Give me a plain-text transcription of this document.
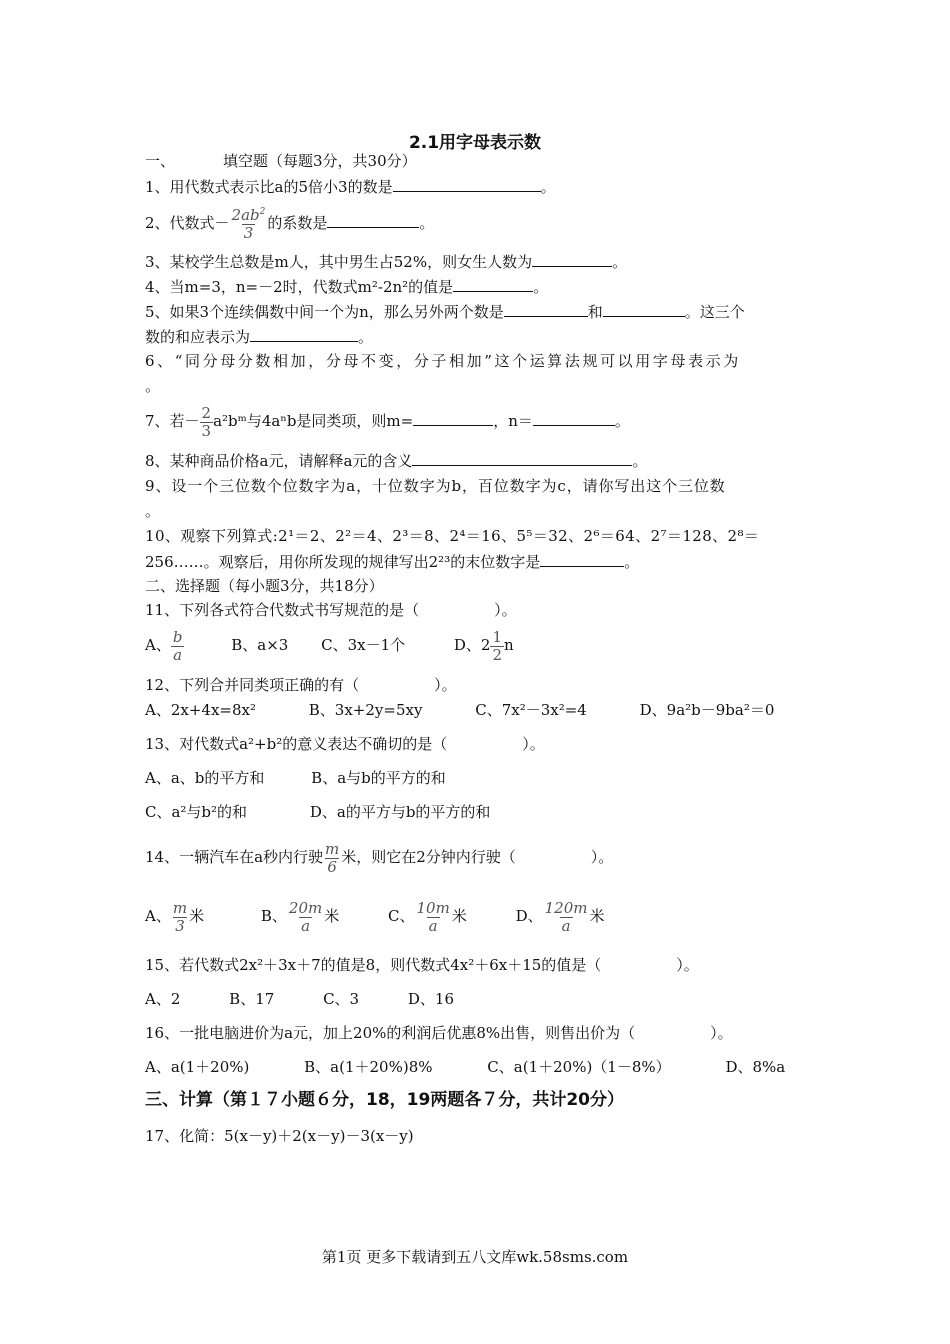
2.1用字母表示数
一、	填空题（每题3分，共30分）
1、用代数式表示比a的5倍小3的数是	。
2、代数式－ $\frac{2ab^2}{3}$ 的系数是	。
3、某校学生总数是m人，其中男生占52%，则女生人数为	。
4、当m=3，n=－2时，代数式m²-2n²的值是	。
5、如果3个连续偶数中间一个为n，那么另外两个数是	和	。这三个
数的和应表示为	。
6、“同分母分数相加，分母不变，分子相加”这个运算法规可以用字母表示为
。
7、若－ $\frac{2}{3}$ a²bᵐ与4aⁿb是同类项，则m=	，n＝	。
8、某种商品价格a元，请解释a元的含义	。
9、设一个三位数个位数字为a，十位数字为b，百位数字为c，请你写出这个三位数
。
10、观察下列算式:2¹＝2、2²＝4、2³＝8、2⁴＝16、5⁵＝32、2⁶＝64、2⁷＝128、2⁸＝
256……。观察后，用你所发现的规律写出2²³的末位数字是	。
二、选择题（每小题3分，共18分）
11、下列各式符合代数式书写规范的是（　　　　　）。
A、 $\frac{b}{a}$	B、a×3 C、3x－1个	D、$2 \frac{1}{2}$ n
12、下列合并同类项正确的有（　　　　　）。
A、2x+4x=8x²	B、3x+2y=5xy	C、7x²－3x²=4	D、9a²b－9ba²＝0
13、对代数式a²+b²的意义表达不确切的是（　　　　　）。
A、a、b的平方和	B、a与b的平方的和
C、a²与b²的和	D、a的平方与b的平方的和
14、一辆汽车在a秒内行驶 $\frac{m}{6}$ 米，则它在2分钟内行驶（　　　　　）。
A、 $\frac{m}{3}$ 米	B、 $\frac{20m}{a}$ 米	C、 $\frac{10m}{a}$ 米	D、 $\frac{120m}{a}$ 米
15、若代数式2x²＋3x＋7的值是8，则代数式4x²＋6x＋15的值是（　　　　　）。
A、2	B、17	C、3	D、16
16、一批电脑进价为a元，加上20%的利润后优惠8%出售，则售出价为（　　　　　）。
A、a(1＋20%)	B、a(1＋20%)8%	C、a(1＋20%)（1－8%）	D、8%a
三、计算（第１７小题６分，18，19两题各７分，共计20分）
17、化简：5(x－y)＋2(x－y)－3(x－y)
第1页 更多下载请到五八文库wk.58sms.com
